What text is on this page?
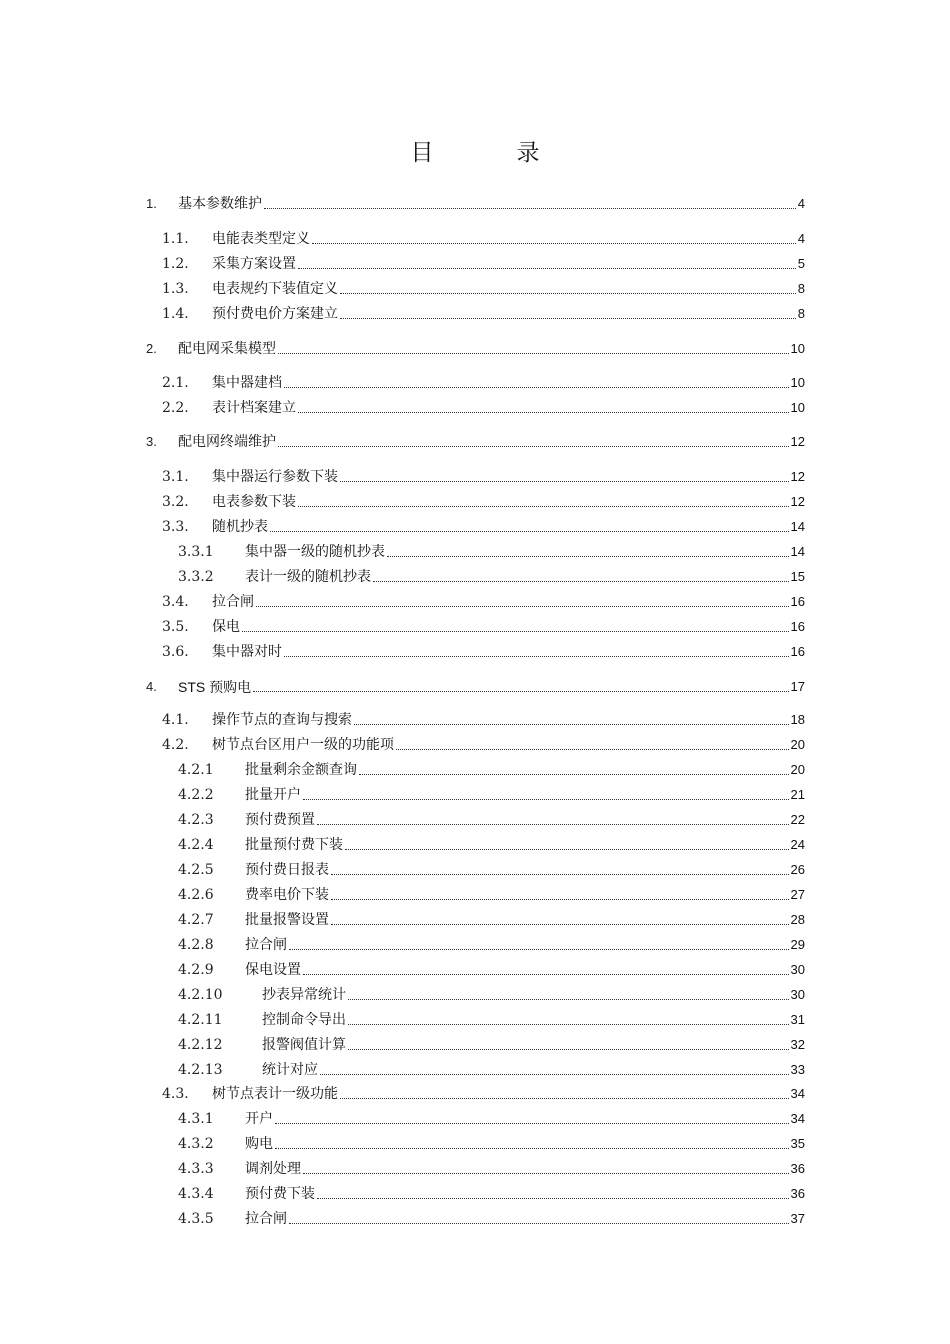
目　录
1.	基本参数维护	4
1.1.	电能表类型定义	4
1.2.	采集方案设置	5
1.3.	电表规约下装值定义	8
1.4.	预付费电价方案建立	8
2.	配电网采集模型	10
2.1.	集中器建档	10
2.2.	表计档案建立	10
3.	配电网终端维护	12
3.1.	集中器运行参数下装	12
3.2.	电表参数下装	12
3.3.	随机抄表	14
3.3.1	集中器一级的随机抄表	14
3.3.2	表计一级的随机抄表	15
3.4.	拉合闸	16
3.5.	保电	16
3.6.	集中器对时	16
4.	STS 预购电	17
4.1.	操作节点的查询与搜索	18
4.2.	树节点台区用户一级的功能项	20
4.2.1	批量剩余金额查询	20
4.2.2	批量开户	21
4.2.3	预付费预置	22
4.2.4	批量预付费下装	24
4.2.5	预付费日报表	26
4.2.6	费率电价下装	27
4.2.7	批量报警设置	28
4.2.8	拉合闸	29
4.2.9	保电设置	30
4.2.10	抄表异常统计	30
4.2.11	控制命令导出	31
4.2.12	报警阀值计算	32
4.2.13	统计对应	33
4.3.	树节点表计一级功能	34
4.3.1	开户	34
4.3.2	购电	35
4.3.3	调剂处理	36
4.3.4	预付费下装	36
4.3.5	拉合闸	37
